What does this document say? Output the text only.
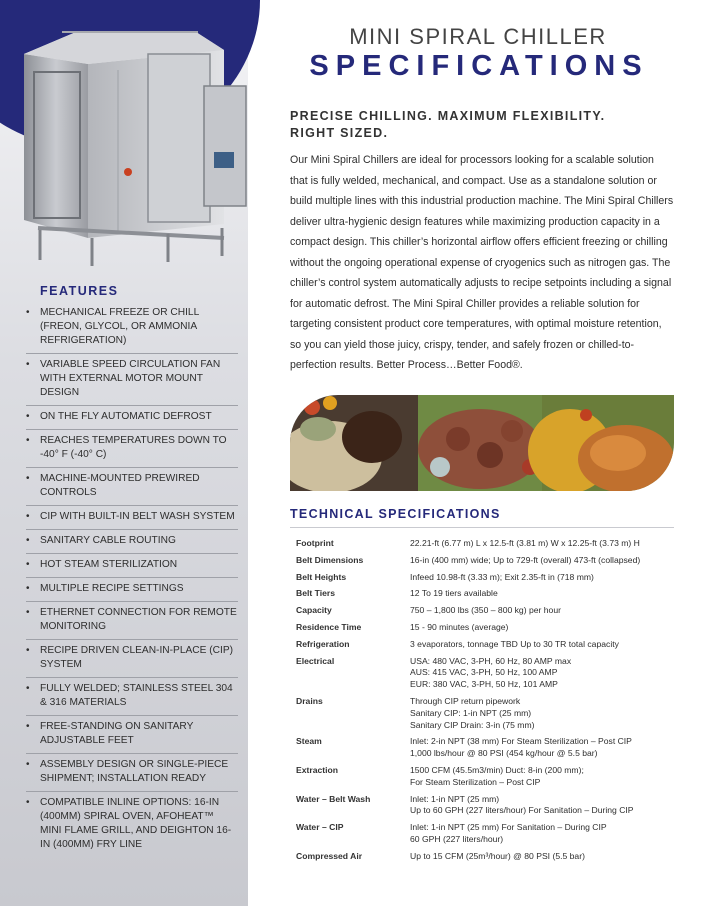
FEATURES
• MECHANICAL FREEZE OR CHILL (FREON, GLYCOL, OR AMMONIA REFRIGERATION)
• VARIABLE SPEED CIRCULATION FAN WITH EXTERNAL MOTOR MOUNT DESIGN
• ON THE FLY AUTOMATIC DEFROST
• REACHES TEMPERATURES DOWN TO -40° F (-40° C)
• MACHINE-MOUNTED PREWIRED CONTROLS
• CIP WITH BUILT-IN BELT WASH SYSTEM
• SANITARY CABLE ROUTING
• HOT STEAM STERILIZATION
• MULTIPLE RECIPE SETTINGS
• ETHERNET CONNECTION FOR REMOTE MONITORING
• RECIPE DRIVEN CLEAN-IN-PLACE (CIP) SYSTEM
• FULLY WELDED; STAINLESS STEEL 304 & 316 MATERIALS
• FREE-STANDING ON SANITARY ADJUSTABLE FEET
• ASSEMBLY DESIGN OR SINGLE-PIECE SHIPMENT; INSTALLATION READY
• COMPATIBLE INLINE OPTIONS: 16-IN (400MM) SPIRAL OVEN, AFOHEAT™ MINI FLAME GRILL, AND DEIGHTON 16-IN (400MM) FRY LINE
MINI SPIRAL CHILLER
SPECIFICATIONS
PRECISE CHILLING. MAXIMUM FLEXIBILITY.
RIGHT SIZED.

Our Mini Spiral Chillers are ideal for processors looking for a scalable solution that is fully welded, mechanical, and compact. Use as a standalone solution or build multiple lines with this industrial production machine. The Mini Spiral Chillers deliver ultra-hygienic design features while maximizing production capacity in a compact design. This chiller’s horizontal airflow offers efficient freezing or chilling without the ongoing operational expense of cryogenics such as nitrogen gas. The chiller’s control system automatically adjusts to recipe setpoints including a signal for automatic defrost. The Mini Spiral Chiller provides a reliable solution for targeting consistent product core temperatures, with optimal moisture retention, so you can yield those juicy, crispy, tender, and safely frozen or chilled-to-perfection results. Better Process…Better Food®.

TECHNICAL SPECIFICATIONS
Footprint	22.21-ft (6.77 m) L x 12.5-ft (3.81 m) W x 12.25-ft (3.73 m) H

Belt Dimensions	16-in (400 mm) wide; Up to 729-ft (overall) 473-ft (collapsed)

Belt Heights	Infeed 10.98-ft (3.33 m); Exit 2.35-ft in (718 mm)

Belt Tiers	12 To 19 tiers available

Capacity	750 – 1,800 lbs (350 – 800 kg) per hour

Residence Time	15 - 90 minutes (average)

Refrigeration	3 evaporators, tonnage TBD Up to 30 TR total capacity

Electrical	USA: 480 VAC, 3-PH, 60 Hz, 80 AMP max
AUS: 415 VAC, 3-PH, 50 Hz, 100 AMP
EUR: 380 VAC, 3-PH, 50 Hz, 101 AMP

Drains	Through CIP return pipework
Sanitary CIP: 1-in NPT (25 mm)
Sanitary CIP Drain: 3-in (75 mm)

Steam	Inlet: 2-in NPT (38 mm) For Steam Sterilization – Post CIP
1,000 lbs/hour @ 80 PSI (454 kg/hour @ 5.5 bar)

Extraction	1500 CFM (45.5m3/min) Duct: 8-in (200 mm);
For Steam Sterilization – Post CIP

Water – Belt Wash	Inlet: 1-in NPT (25 mm)
Up to 60 GPH (227 liters/hour) For Sanitation – During CIP

Water – CIP	Inlet: 1-in NPT (25 mm) For Sanitation – During CIP
60 GPH (227 liters/hour)

Compressed Air	Up to 15 CFM (25m³/hour) @ 80 PSI (5.5 bar)
